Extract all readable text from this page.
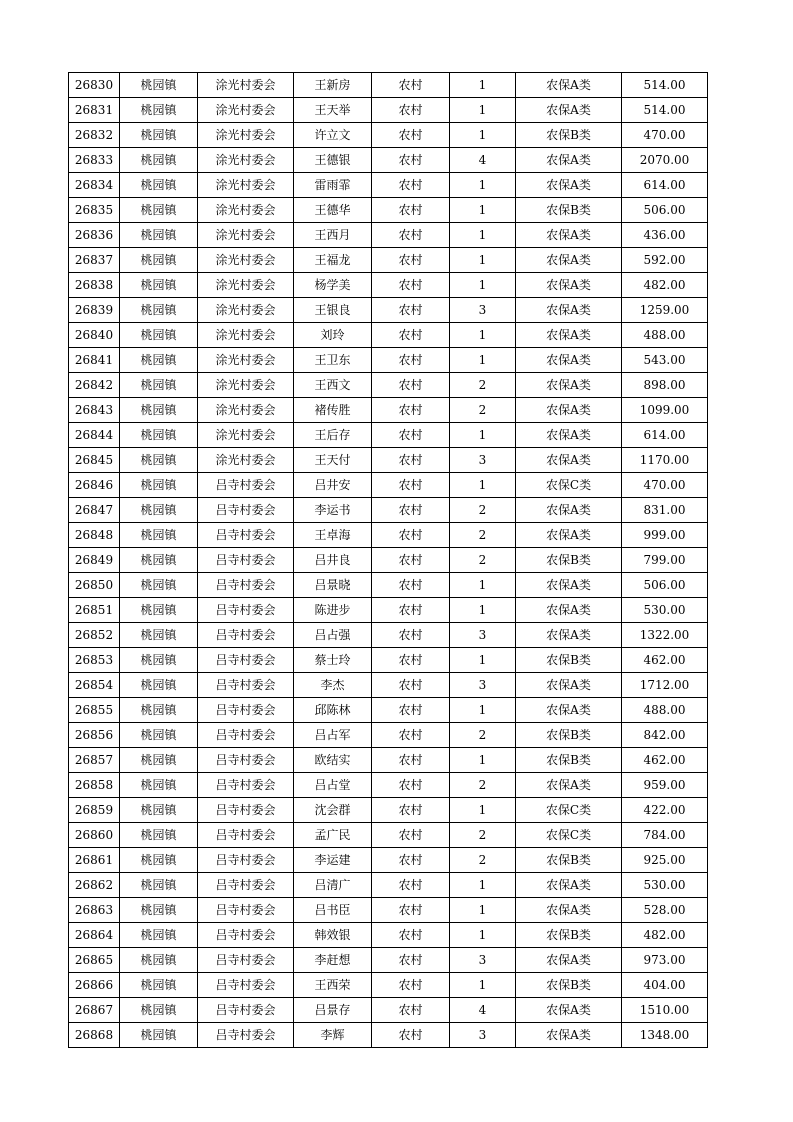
26830	桃园镇	涂光村委会	王新房	农村	1	农保A类	514.00
26831	桃园镇	涂光村委会	王天举	农村	1	农保A类	514.00
26832	桃园镇	涂光村委会	许立文	农村	1	农保B类	470.00
26833	桃园镇	涂光村委会	王德银	农村	4	农保A类	2070.00
26834	桃园镇	涂光村委会	雷雨霏	农村	1	农保A类	614.00
26835	桃园镇	涂光村委会	王德华	农村	1	农保B类	506.00
26836	桃园镇	涂光村委会	王西月	农村	1	农保A类	436.00
26837	桃园镇	涂光村委会	王福龙	农村	1	农保A类	592.00
26838	桃园镇	涂光村委会	杨学美	农村	1	农保A类	482.00
26839	桃园镇	涂光村委会	王银良	农村	3	农保A类	1259.00
26840	桃园镇	涂光村委会	刘玲	农村	1	农保A类	488.00
26841	桃园镇	涂光村委会	王卫东	农村	1	农保A类	543.00
26842	桃园镇	涂光村委会	王西文	农村	2	农保A类	898.00
26843	桃园镇	涂光村委会	褚传胜	农村	2	农保A类	1099.00
26844	桃园镇	涂光村委会	王后存	农村	1	农保A类	614.00
26845	桃园镇	涂光村委会	王天付	农村	3	农保A类	1170.00
26846	桃园镇	吕寺村委会	吕井安	农村	1	农保C类	470.00
26847	桃园镇	吕寺村委会	李运书	农村	2	农保A类	831.00
26848	桃园镇	吕寺村委会	王卓海	农村	2	农保A类	999.00
26849	桃园镇	吕寺村委会	吕井良	农村	2	农保B类	799.00
26850	桃园镇	吕寺村委会	吕景晓	农村	1	农保A类	506.00
26851	桃园镇	吕寺村委会	陈进步	农村	1	农保A类	530.00
26852	桃园镇	吕寺村委会	吕占强	农村	3	农保A类	1322.00
26853	桃园镇	吕寺村委会	蔡士玲	农村	1	农保B类	462.00
26854	桃园镇	吕寺村委会	李杰	农村	3	农保A类	1712.00
26855	桃园镇	吕寺村委会	邱陈林	农村	1	农保A类	488.00
26856	桃园镇	吕寺村委会	吕占军	农村	2	农保B类	842.00
26857	桃园镇	吕寺村委会	欧结实	农村	1	农保B类	462.00
26858	桃园镇	吕寺村委会	吕占堂	农村	2	农保A类	959.00
26859	桃园镇	吕寺村委会	沈会群	农村	1	农保C类	422.00
26860	桃园镇	吕寺村委会	孟广民	农村	2	农保C类	784.00
26861	桃园镇	吕寺村委会	李运建	农村	2	农保B类	925.00
26862	桃园镇	吕寺村委会	吕清广	农村	1	农保A类	530.00
26863	桃园镇	吕寺村委会	吕书臣	农村	1	农保A类	528.00
26864	桃园镇	吕寺村委会	韩效银	农村	1	农保B类	482.00
26865	桃园镇	吕寺村委会	李赶想	农村	3	农保A类	973.00
26866	桃园镇	吕寺村委会	王西荣	农村	1	农保B类	404.00
26867	桃园镇	吕寺村委会	吕景存	农村	4	农保A类	1510.00
26868	桃园镇	吕寺村委会	李辉	农村	3	农保A类	1348.00
